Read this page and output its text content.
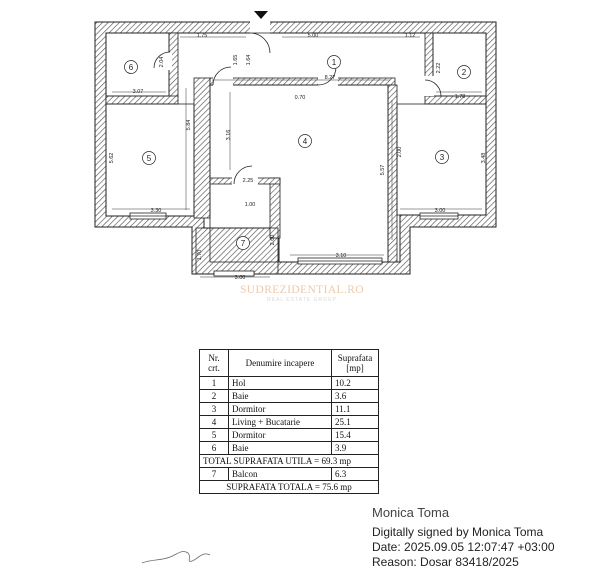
1.75	5.00	1.12
2.04	1.64
1.65
8.27
2.22
3.07
1.78
0.70
3.16
5.84
5.62
2.00
5.57
3.48
2.25
1.00
3.30	3.00
2.60
1.70	3.10
3.00
1
2
3
4
5
6
7
SUDREZIDENTIAL.RO
REAL ESTATE GROUP
Nr. crt.	Denumire incapere	Suprafata [mp]
1	Hol	10.2
2	Baie	3.6
3	Dormitor	11.1
4	Living + Bucatarie	25.1
5	Dormitor	15.4
6	Baie	3.9
TOTAL SUPRAFATA UTILA = 69.3 mp		
7	Balcon	6.3
SUPRAFATA TOTALA = 75.6 mp		
Monica Toma
Digitally signed by Monica Toma
Date: 2025.09.05 12:07:47 +03:00
Reason: Dosar 83418/2025
